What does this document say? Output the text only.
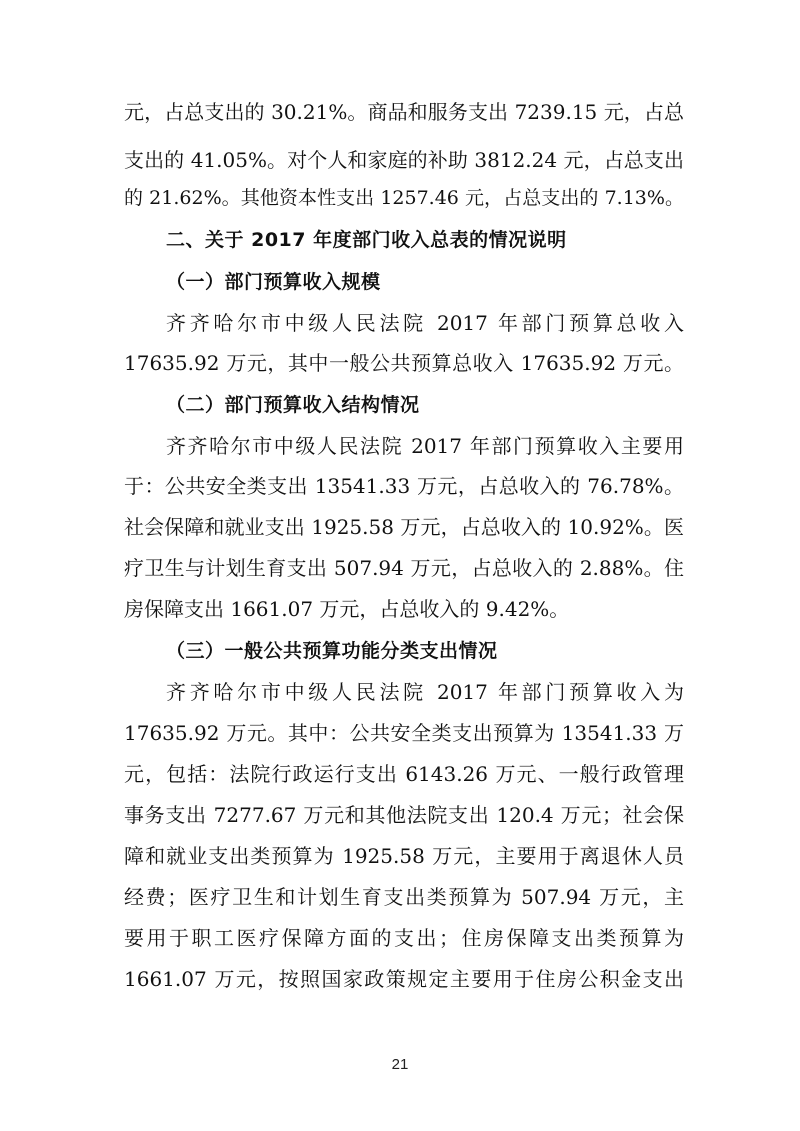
元，占总支出的 30.21%。商品和服务支出 7239.15 元，占总
支出的 41.05%。对个人和家庭的补助 3812.24 元，占总支出
的 21.62%。其他资本性支出 1257.46 元，占总支出的 7.13%。
二、关于 2017 年度部门收入总表的情况说明
（一）部门预算收入规模
齐齐哈尔市中级人民法院 2017 年部门预算总收入
17635.92 万元，其中一般公共预算总收入 17635.92 万元。
（二）部门预算收入结构情况
齐齐哈尔市中级人民法院 2017 年部门预算收入主要用
于：公共安全类支出 13541.33 万元，占总收入的 76.78%。
社会保障和就业支出 1925.58 万元，占总收入的 10.92%。医
疗卫生与计划生育支出 507.94 万元，占总收入的 2.88%。住
房保障支出 1661.07 万元，占总收入的 9.42%。
（三）一般公共预算功能分类支出情况
齐齐哈尔市中级人民法院 2017 年部门预算收入为
17635.92 万元。其中：公共安全类支出预算为 13541.33 万
元，包括：法院行政运行支出 6143.26 万元、一般行政管理
事务支出 7277.67 万元和其他法院支出 120.4 万元；社会保
障和就业支出类预算为 1925.58 万元，主要用于离退休人员
经费；医疗卫生和计划生育支出类预算为 507.94 万元，主
要用于职工医疗保障方面的支出；住房保障支出类预算为
1661.07 万元，按照国家政策规定主要用于住房公积金支出
21
